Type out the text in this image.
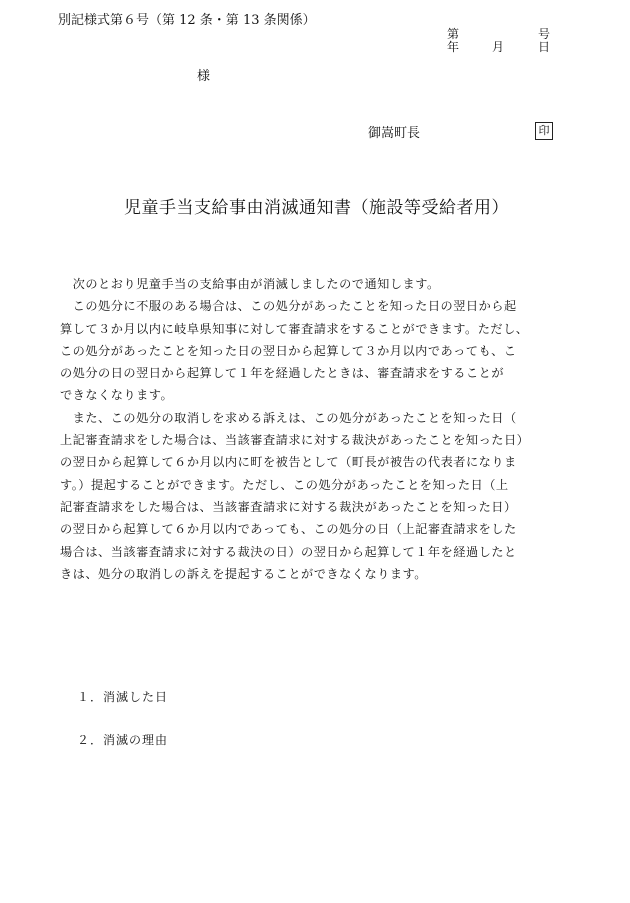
別記様式第６号（第 12 条・第 13 条関係）
第	号
年	月	日
様
御嵩町長	印
児童手当支給事由消滅通知書（施設等受給者用）
　次のとおり児童手当の支給事由が消滅しましたので通知します。
　この処分に不服のある場合は、この処分があったことを知った日の翌日から起
算して３か月以内に岐阜県知事に対して審査請求をすることができます。ただし、
この処分があったことを知った日の翌日から起算して３か月以内であっても、こ
の処分の日の翌日から起算して１年を経過したときは、審査請求をすることが
できなくなります。
　また、この処分の取消しを求める訴えは、この処分があったことを知った日（
上記審査請求をした場合は、当該審査請求に対する裁決があったことを知った日）
の翌日から起算して６か月以内に町を被告として（町長が被告の代表者になりま
す。）提起することができます。ただし、この処分があったことを知った日（上
記審査請求をした場合は、当該審査請求に対する裁決があったことを知った日）
の翌日から起算して６か月以内であっても、この処分の日（上記審査請求をした
場合は、当該審査請求に対する裁決の日）の翌日から起算して１年を経過したと
きは、処分の取消しの訴えを提起することができなくなります。
１．消滅した日
２．消滅の理由
